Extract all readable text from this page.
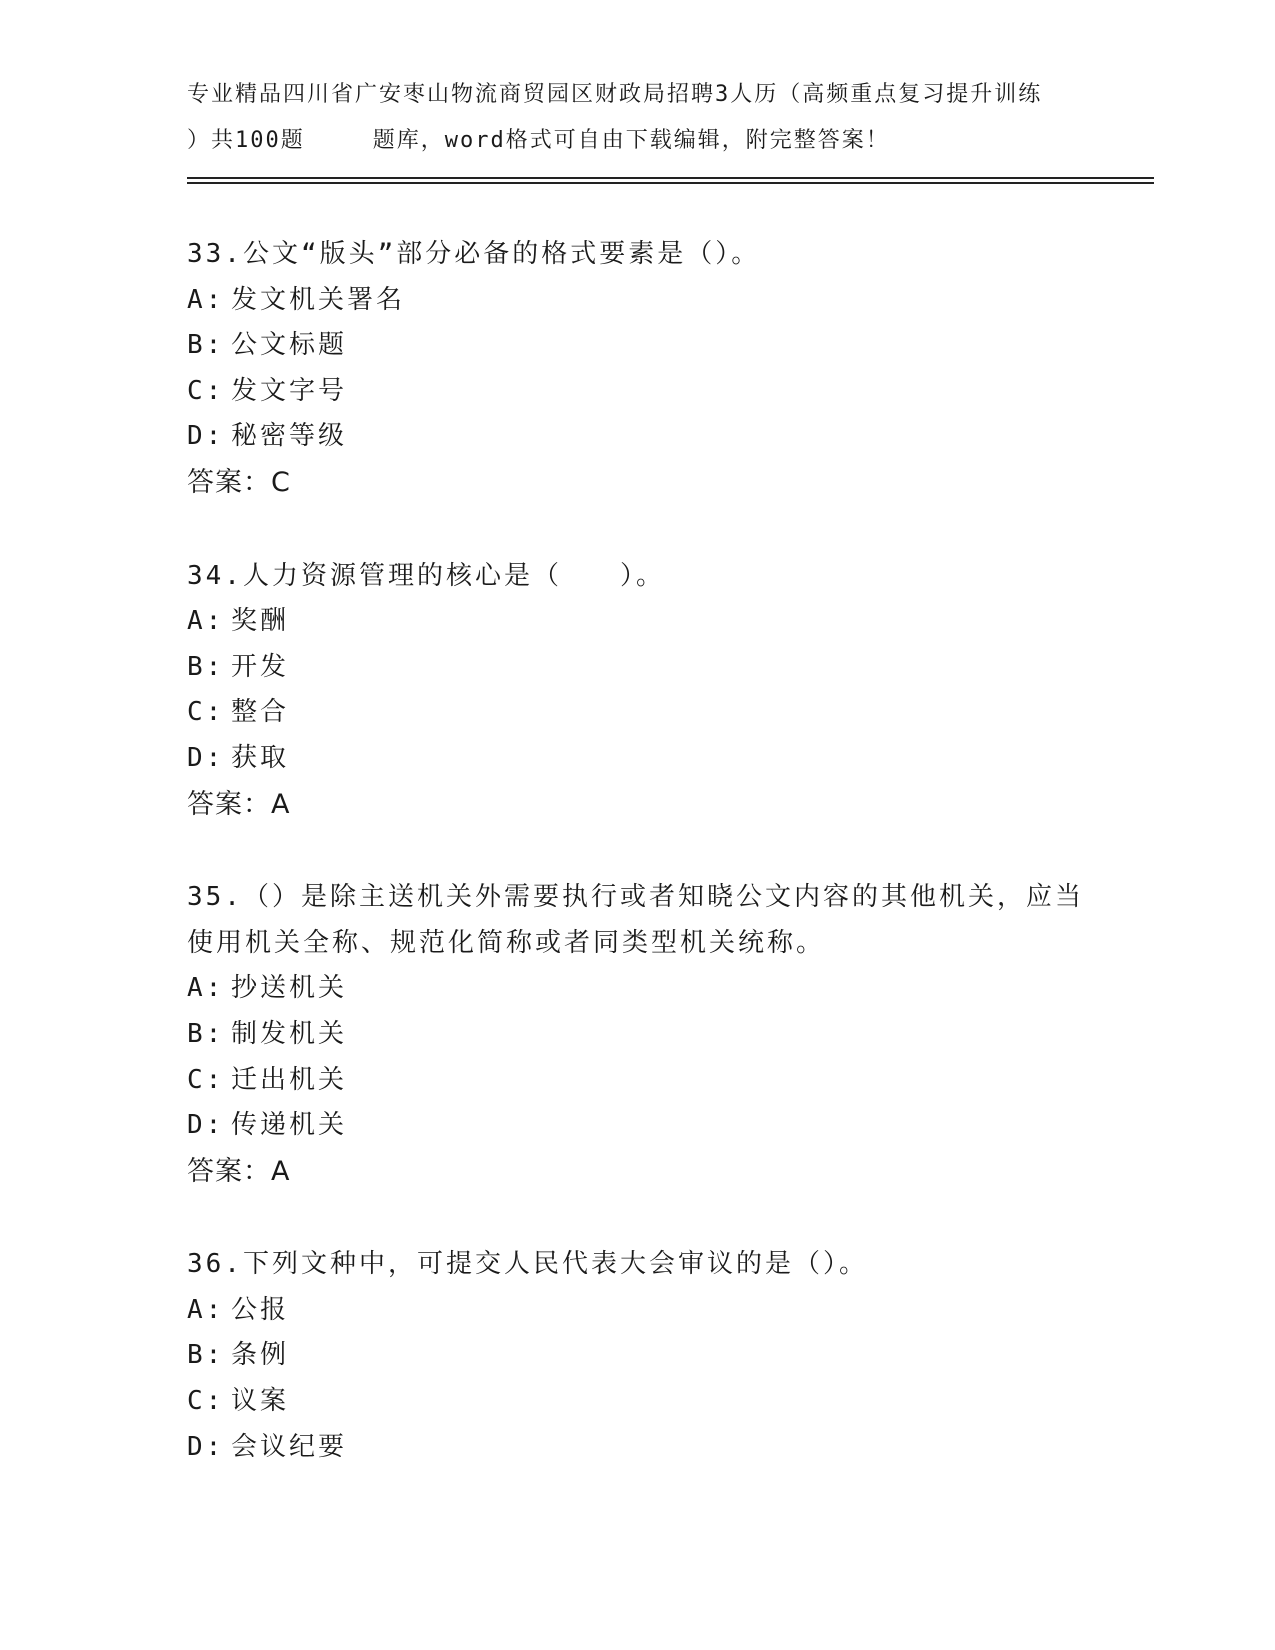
专业精品四川省广安枣山物流商贸园区财政局招聘3人历（高频重点复习提升训练
）共100题	题库，word格式可自由下载编辑，附完整答案！
33.公文“版头”部分必备的格式要素是（）。
A: 发文机关署名
B: 公文标题
C: 发文字号
D: 秘密等级
答案：C
34.人力资源管理的核心是（　　）。
A: 奖酬
B: 开发
C: 整合
D: 获取
答案：A
35.（）是除主送机关外需要执行或者知晓公文内容的其他机关，应当
使用机关全称、规范化简称或者同类型机关统称。
A: 抄送机关
B: 制发机关
C: 迁出机关
D: 传递机关
答案：A
36.下列文种中，可提交人民代表大会审议的是（）。
A: 公报
B: 条例
C: 议案
D: 会议纪要
